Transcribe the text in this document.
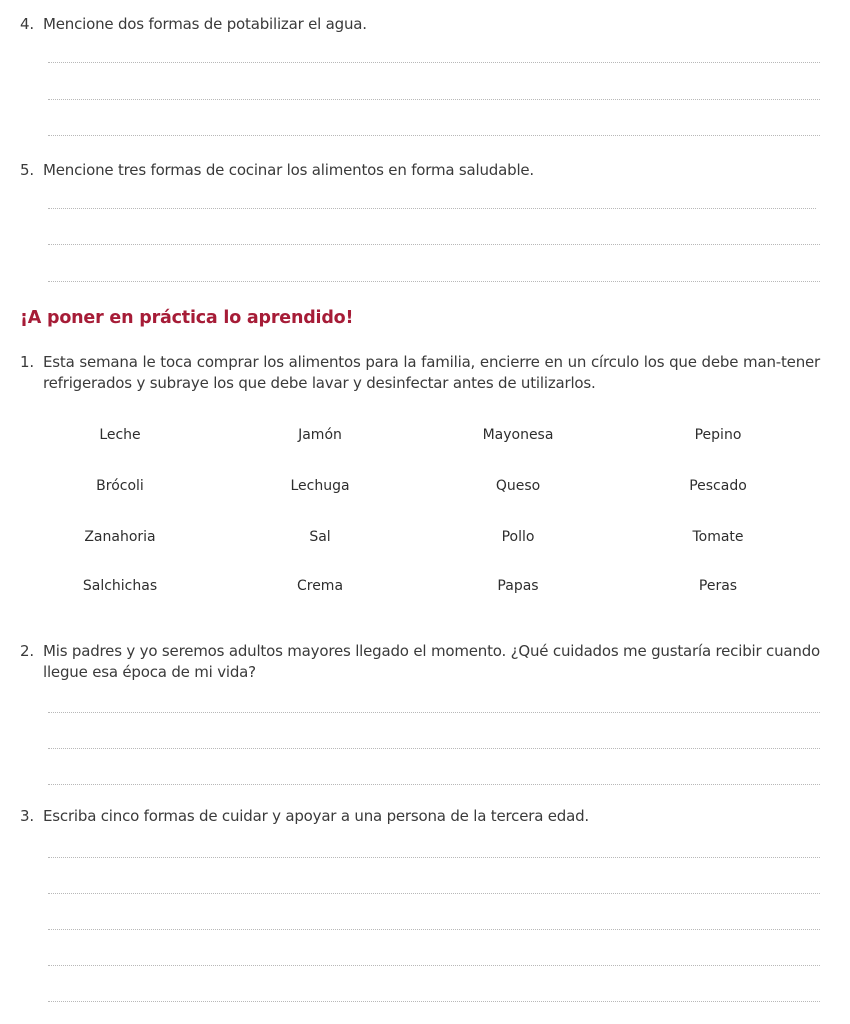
4. Mencione dos formas de potabilizar el agua.
5. Mencione tres formas de cocinar los alimentos en forma saludable.
¡A poner en práctica lo aprendido!
1. Esta semana le toca comprar los alimentos para la familia, encierre en un círculo los que debe man-tener refrigerados y subraye los que debe lavar y desinfectar antes de utilizarlos.
Leche	Jamón	Mayonesa	Pepino
Brócoli	Lechuga	Queso	Pescado
Zanahoria	Sal	Pollo	Tomate
Salchichas	Crema	Papas	Peras
2. Mis padres y yo seremos adultos mayores llegado el momento. ¿Qué cuidados me gustaría recibir cuando llegue esa época de mi vida?
3. Escriba cinco formas de cuidar y apoyar a una persona de la tercera edad.
